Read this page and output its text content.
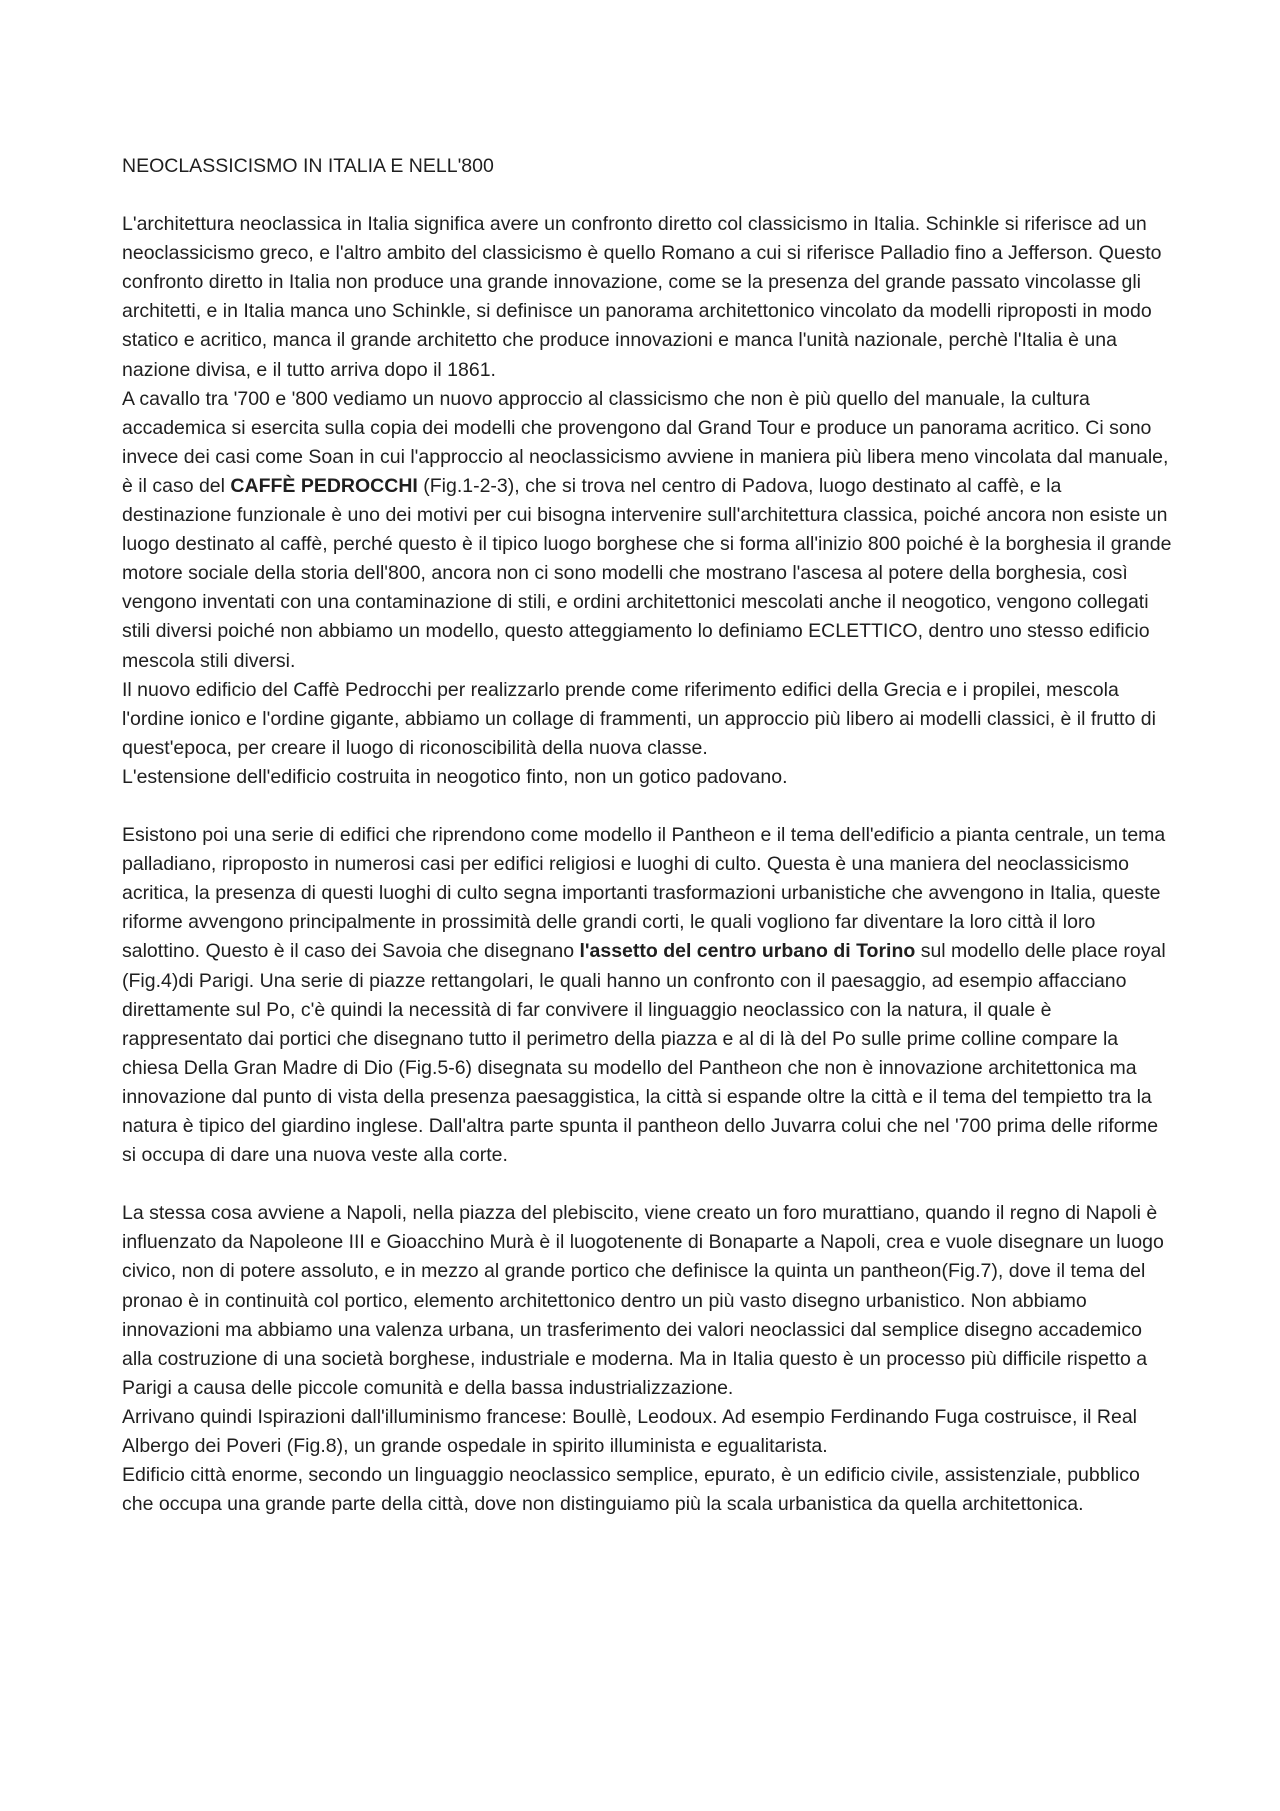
NEOCLASSICISMO IN ITALIA E NELL'800

L'architettura neoclassica in Italia significa avere un confronto diretto col classicismo in Italia. Schinkle si riferisce ad un neoclassicismo greco, e l'altro ambito del classicismo è quello Romano a cui si riferisce Palladio fino a Jefferson. Questo confronto diretto in Italia non produce una grande innovazione, come se la presenza del grande passato vincolasse gli architetti, e in Italia manca uno Schinkle, si definisce un panorama architettonico vincolato da modelli riproposti in modo statico e acritico, manca il grande architetto che produce innovazioni e manca l'unità nazionale, perchè l'Italia è una nazione divisa, e il tutto arriva dopo il 1861.

A cavallo tra '700 e '800 vediamo un nuovo approccio al classicismo che non è più quello del manuale, la cultura accademica si esercita sulla copia dei modelli che provengono dal Grand Tour e produce un panorama acritico. Ci sono invece dei casi come Soan in cui l'approccio al neoclassicismo avviene in maniera più libera meno vincolata dal manuale, è il caso del CAFFÈ PEDROCCHI (Fig.1-2-3), che si trova nel centro di Padova, luogo destinato al caffè, e la destinazione funzionale è uno dei motivi per cui bisogna intervenire sull'architettura classica, poiché ancora non esiste un luogo destinato al caffè, perché questo è il tipico luogo borghese che si forma all'inizio 800 poiché è la borghesia il grande motore sociale della storia dell'800, ancora non ci sono modelli che mostrano l'ascesa al potere della borghesia, così vengono inventati con una contaminazione di stili, e ordini architettonici mescolati anche il neogotico, vengono collegati stili diversi poiché non abbiamo un modello, questo atteggiamento lo definiamo ECLETTICO, dentro uno stesso edificio mescola stili diversi.

Il nuovo edificio del Caffè Pedrocchi per realizzarlo prende come riferimento edifici della Grecia e i propilei, mescola l'ordine ionico e l'ordine gigante, abbiamo un collage di frammenti, un approccio più libero ai modelli classici, è il frutto di quest'epoca, per creare il luogo di riconoscibilità della nuova classe.

L'estensione dell'edificio costruita in neogotico finto, non un gotico padovano.

Esistono poi una serie di edifici che riprendono come modello il Pantheon e il tema dell'edificio a pianta centrale, un tema palladiano, riproposto in numerosi casi per edifici religiosi e luoghi di culto. Questa è una maniera del neoclassicismo acritica, la presenza di questi luoghi di culto segna importanti trasformazioni urbanistiche che avvengono in Italia, queste riforme avvengono principalmente in prossimità delle grandi corti, le quali vogliono far diventare la loro città il loro salottino. Questo è il caso dei Savoia che disegnano l'assetto del centro urbano di Torino sul modello delle place royal (Fig.4)di Parigi. Una serie di piazze rettangolari, le quali hanno un confronto con il paesaggio, ad esempio affacciano direttamente sul Po, c'è quindi la necessità di far convivere il linguaggio neoclassico con la natura, il quale è rappresentato dai portici che disegnano tutto il perimetro della piazza e al di là del Po sulle prime colline compare la chiesa Della Gran Madre di Dio (Fig.5-6) disegnata su modello del Pantheon che non è innovazione architettonica ma innovazione dal punto di vista della presenza paesaggistica, la città si espande oltre la città e il tema del tempietto tra la natura è tipico del giardino inglese. Dall'altra parte spunta il pantheon dello Juvarra colui che nel '700 prima delle riforme si occupa di dare una nuova veste alla corte.

La stessa cosa avviene a Napoli, nella piazza del plebiscito, viene creato un foro murattiano, quando il regno di Napoli è influenzato da Napoleone III e Gioacchino Murà è il luogotenente di Bonaparte a Napoli, crea e vuole disegnare un luogo civico, non di potere assoluto, e in mezzo al grande portico che definisce la quinta un pantheon(Fig.7), dove il tema del pronao è in continuità col portico, elemento architettonico dentro un più vasto disegno urbanistico. Non abbiamo innovazioni ma abbiamo una valenza urbana, un trasferimento dei valori neoclassici dal semplice disegno accademico alla costruzione di una società borghese, industriale e moderna. Ma in Italia questo è un processo più difficile rispetto a Parigi a causa delle piccole comunità e della bassa industrializzazione.

Arrivano quindi Ispirazioni dall'illuminismo francese: Boullè, Leodoux. Ad esempio Ferdinando Fuga costruisce, il Real Albergo dei Poveri (Fig.8), un grande ospedale in spirito illuminista e egualitarista.

Edificio città enorme, secondo un linguaggio neoclassico semplice, epurato, è un edificio civile, assistenziale, pubblico che occupa una grande parte della città, dove non distinguiamo più la scala urbanistica da quella architettonica.
